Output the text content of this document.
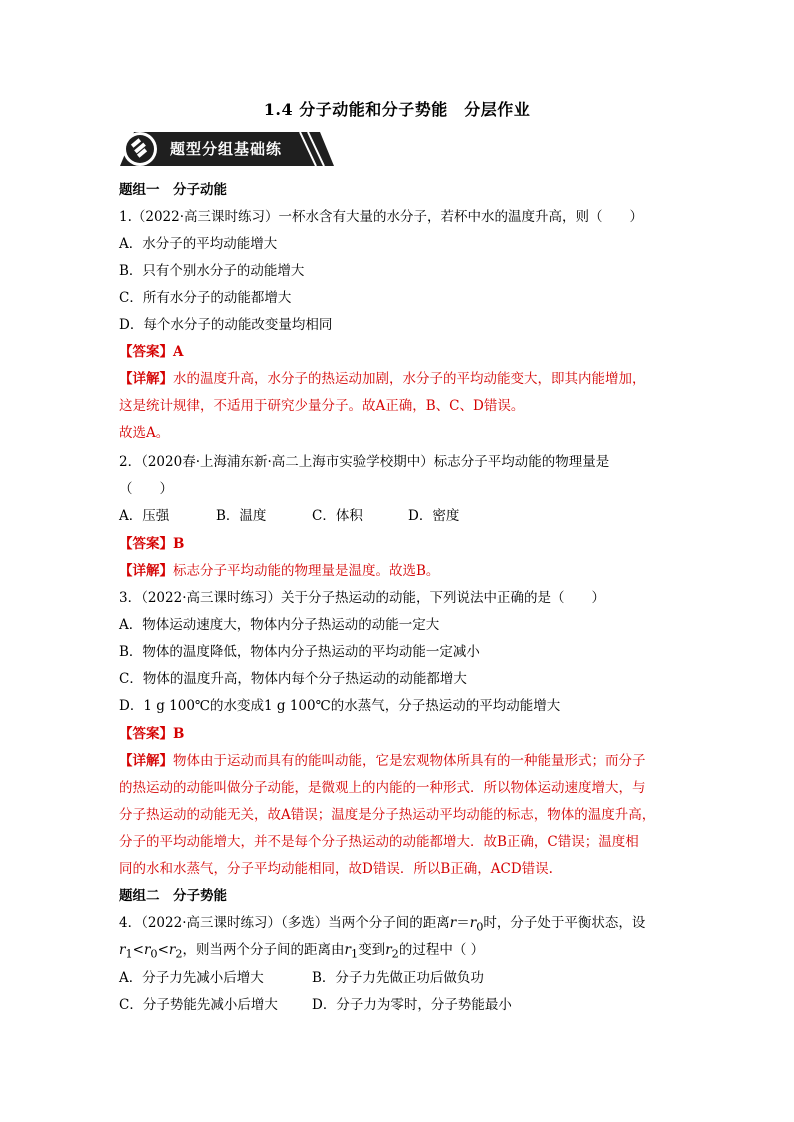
1.4 分子动能和分子势能　分层作业
题型分组基础练
题组一　分子动能
1.（2022·高三课时练习）一杯水含有大量的水分子，若杯中水的温度升高，则（　　）
A．水分子的平均动能增大
B．只有个别水分子的动能增大
C．所有水分子的动能都增大
D．每个水分子的动能改变量均相同
【答案】A
【详解】水的温度升高，水分子的热运动加剧，水分子的平均动能变大，即其内能增加，
这是统计规律，不适用于研究少量分子。故A正确，B、C、D错误。
故选A。
2．（2020春·上海浦东新·高二上海市实验学校期中）标志分子平均动能的物理量是
（　　）
A．压强	B．温度	C．体积	D．密度
【答案】B
【详解】标志分子平均动能的物理量是温度。故选B。
3．（2022·高三课时练习）关于分子热运动的动能，下列说法中正确的是（　　）
A．物体运动速度大，物体内分子热运动的动能一定大
B．物体的温度降低，物体内分子热运动的平均动能一定减小
C．物体的温度升高，物体内每个分子热运动的动能都增大
D．1 g 100℃的水变成1 g 100℃的水蒸气，分子热运动的平均动能增大
【答案】B
【详解】物体由于运动而具有的能叫动能，它是宏观物体所具有的一种能量形式；而分子
的热运动的动能叫做分子动能，是微观上的内能的一种形式．所以物体运动速度增大，与
分子热运动的动能无关，故A错误；温度是分子热运动平均动能的标志，物体的温度升高，
分子的平均动能增大，并不是每个分子热运动的动能都增大．故B正确，C错误；温度相
同的水和水蒸气，分子平均动能相同，故D错误．所以B正确，ACD错误.
题组二　分子势能
4．（2022·高三课时练习）（多选）当两个分子间的距离$r=r_0$时，分子处于平衡状态，设
$r_1<r_0<r_2$，则当两个分子间的距离由$r_1$变到$r_2$的过程中（ ）
A．分子力先减小后增大	B．分子力先做正功后做负功
C．分子势能先减小后增大	D．分子力为零时，分子势能最小
